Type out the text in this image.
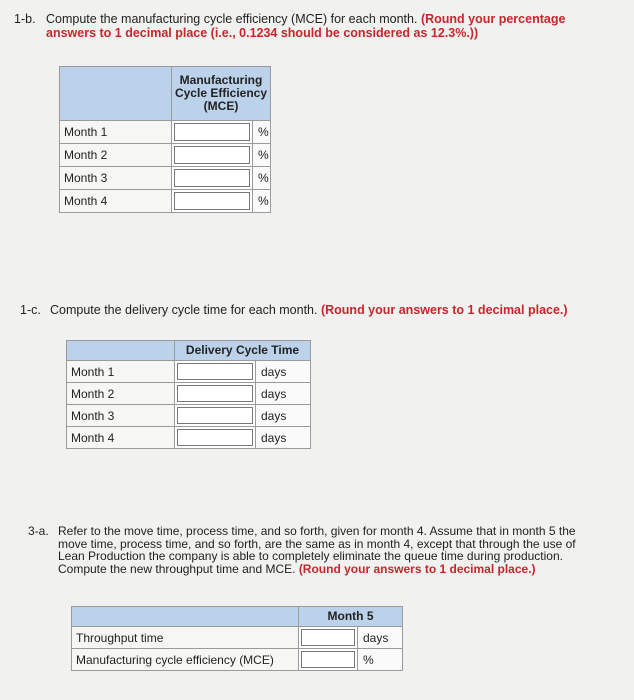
1-b. Compute the manufacturing cycle efficiency (MCE) for each month. (Round your percentage
answers to 1 decimal place (i.e., 0.1234 should be considered as 12.3%.))
	Manufacturing
Cycle Efficiency
(MCE)	
Month 1		%
Month 2		%
Month 3		%
Month 4		%
1-c. Compute the delivery cycle time for each month. (Round your answers to 1 decimal place.)
	Delivery Cycle Time	
Month 1		days
Month 2		days
Month 3		days
Month 4		days
3-a. Refer to the move time, process time, and so forth, given for month 4. Assume that in month 5 the
move time, process time, and so forth, are the same as in month 4, except that through the use of
Lean Production the company is able to completely eliminate the queue time during production.
Compute the new throughput time and MCE. (Round your answers to 1 decimal place.)
	Month 5	
Throughput time		days
Manufacturing cycle efficiency (MCE)		%
